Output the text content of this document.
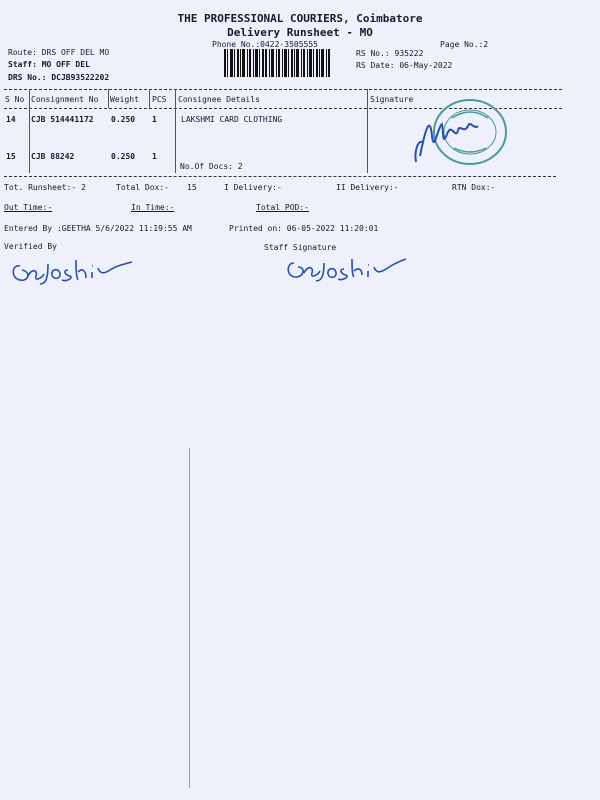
THE PROFESSIONAL COURIERS, Coimbatore
Delivery Runsheet - MO
Phone No.:0422-3505555	Page No.:2
Route: DRS OFF DEL MO
Staff: MO OFF DEL
DRS No.: DCJB93522202
RS No.: 935222
RS Date: 06-May-2022
S No Consignment No Weight PCS Consignee Details	Signature
14 CJB 514441172 0.250 1	LAKSHMI CARD CLOTHING
15 CJB 88242	0.250 1
No.Of Docs: 2
Tot. Runsheet:- 2	Total Dox:- 15	I Delivery:-	II Delivery:-	RTN Dox:-
Out Time:-	In Time:-	Total POD:-
Entered By :GEETHA 5/6/2022 11:19:55 AM	Printed on: 06-05-2022 11:20:01
Verified By	Staff Signature
